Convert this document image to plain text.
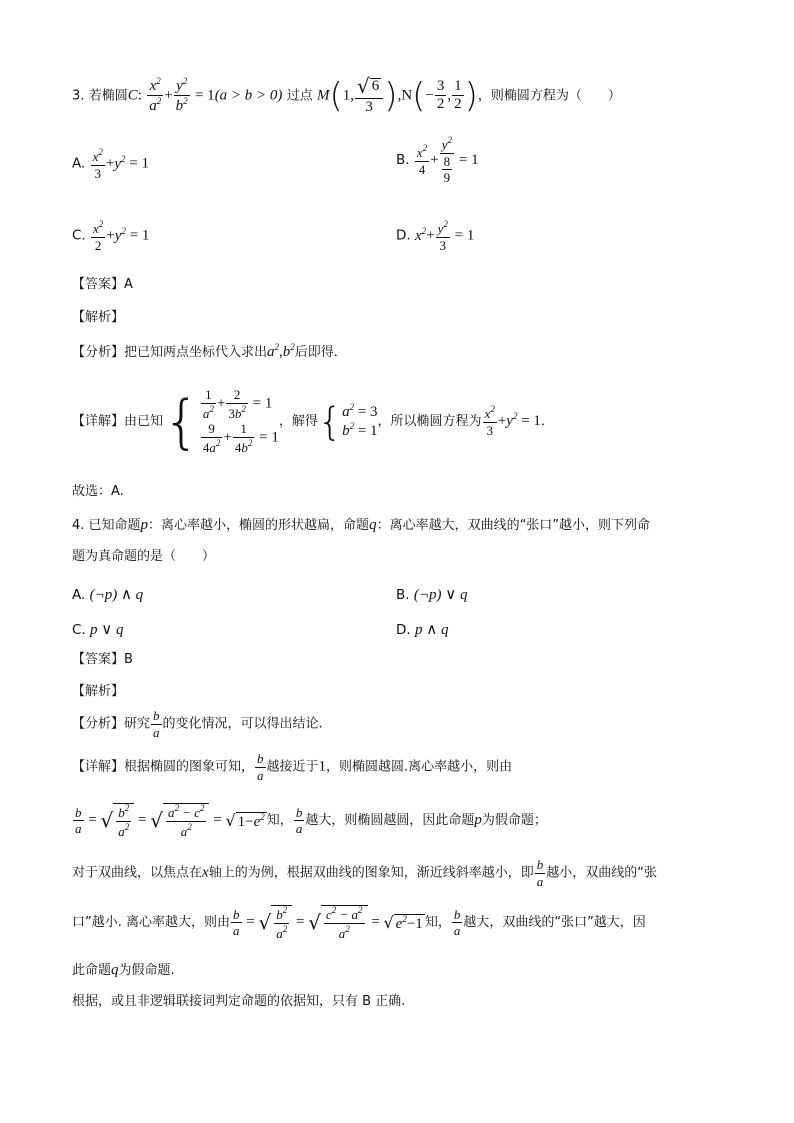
3. 若椭圆C: $\frac{x^2}{a^2} + \frac{y^2}{b^2} = 1(a > b > 0)$ 过点 M(1, $\frac{√ 6}{3} ),N(- \frac{3}{2}$ , $\frac{1}{2}$ )，则椭圆方程为（　　）
A. $\frac{x^2}{3} +y^2 = 1$	B. $\frac{x^2}{4} + \frac{y^2}{\frac{8}{9}} = 1$
C. $\frac{x^2}{2} +y^2 = 1$	D. $x^2+ \frac{y^2}{3} = 1$
【答案】A
【解析】
【分析】把已知两点坐标代入求出$a^2,b^2$后即得．
【详解】由已知{ $\frac{1}{a^2} + \frac{2}{3b^2} = 1$
$\frac{9}{4a^2} + \frac{1}{4b^2} = 1$
，解得{ $a^2 = 3$
$b^2 = 1$
，所以椭圆方程为 $\frac{x^2}{3} +y^2 = 1$．
故选：A.
4. 已知命题p：离心率越小，椭圆的形状越扁，命题q：离心率越大，双曲线的“张口”越小，则下列命
题为真命题的是（　　）
A. (¬p) ∧ q	B. (¬p) ∨ q
C. p ∨ q	D. p ∧ q
【答案】B
【解析】
【分析】研究 $\frac{b}{a}$ 的变化情况，可以得出结论.
【详解】根据椭圆的图象可知， $\frac{b}{a}$ 越接近于1，则椭圆越圆.离心率越小，则由
$\frac{b}{a}$ = √ $\frac{b^2}{a^2}$ = √ $\frac{a^2 - c^2}{a^2}$ = √ $1-e^2$ 知， $\frac{b}{a}$ 越大，则椭圆越圆，因此命题p为假命题；
对于双曲线，以焦点在x轴上的为例，根据双曲线的图象知，渐近线斜率越小，即 $\frac{b}{a}$ 越小，双曲线的“张
口”越小. 离心率越大，则由 $\frac{b}{a}$ = √ $\frac{b^2}{a^2}$ = √ $\frac{c^2 - a^2}{a^2}$ = √ $e^2-1$ 知， $\frac{b}{a}$ 越大，双曲线的“张口”越大，因
此命题q为假命题.
根据，或且非逻辑联接词判定命题的依据知，只有 B 正确.
